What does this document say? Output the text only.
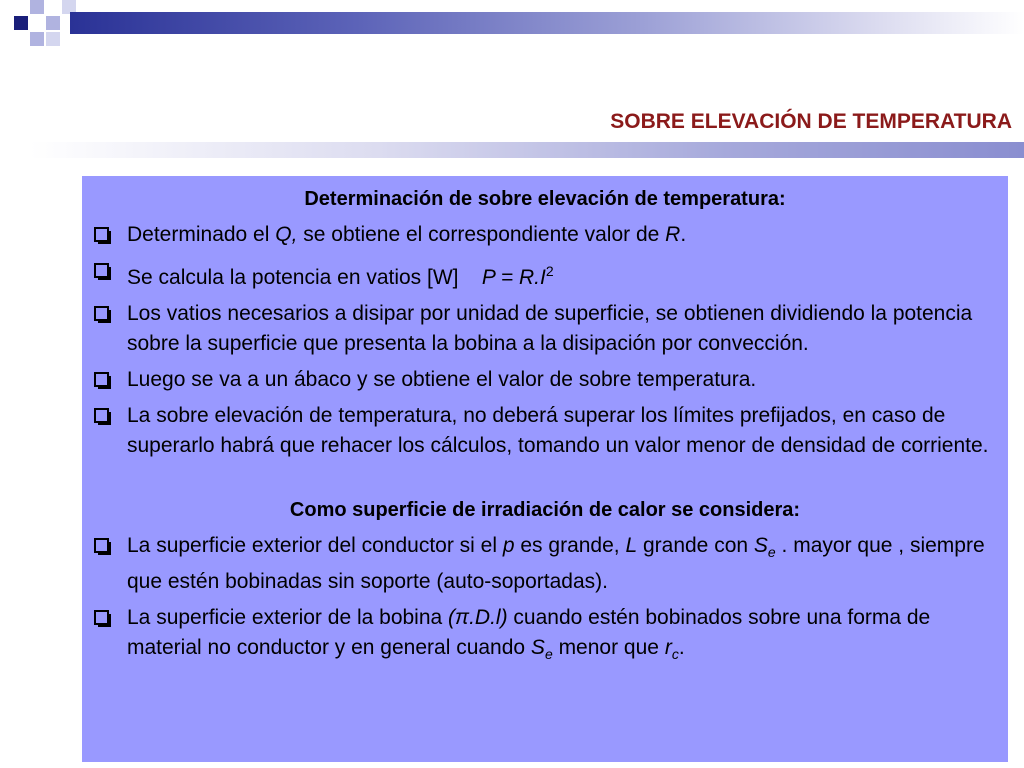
SOBRE ELEVACIÓN DE TEMPERATURA
Determinación de sobre elevación de temperatura:
Determinado el Q, se obtiene el correspondiente valor de R.
Se calcula la potencia en vatios [W]    $P = R.I^2$
Los vatios necesarios a disipar por unidad de superficie, se obtienen dividiendo la potencia sobre la superficie que presenta la bobina a la disipación por convección.
Luego se va a un ábaco y se obtiene el valor de sobre temperatura.
La sobre elevación de temperatura, no deberá superar los límites prefijados, en caso de superarlo habrá que rehacer los cálculos, tomando un valor menor de densidad de corriente.
Como superficie de irradiación de calor se considera:
La superficie exterior del conductor si el p es grande, L grande con $S_e$ . mayor que , siempre que estén bobinadas sin soporte (auto-soportadas).
La superficie exterior de la bobina (π.D.l) cuando estén bobinados sobre una forma de material no conductor y en general cuando $S_e$ menor que $r_c$.
